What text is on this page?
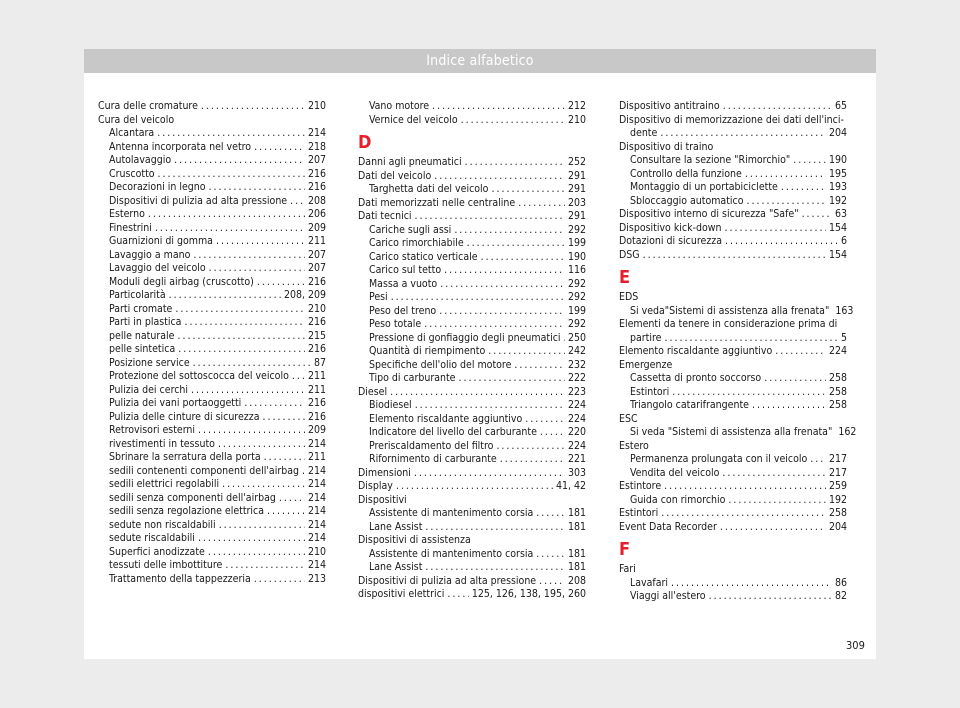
Indice alfabetico
Cura delle cromature .....	210
Cura del veicolo
Alcantara .....	214
Antenna incorporata nel vetro .....	218
Autolavaggio .....	207
Cruscotto .....	216
Decorazioni in legno .....	216
Dispositivi di pulizia ad alta pressione ..... 208
Esterno .....	206
Finestrini .....	209
Guarnizioni di gomma .....	211
Lavaggio a mano .....	207
Lavaggio del veicolo .....	207
Moduli degli airbag (cruscotto) .....	216
Particolarità .....	208, 209
Parti cromate .....	210
Parti in plastica .....	216
pelle naturale .....	215
pelle sintetica .....	216
Posizione service .....	87
Protezione del sottoscocca del veicolo ..... 211
Pulizia dei cerchi .....	211
Pulizia dei vani portaoggetti .....	216
Pulizia delle cinture di sicurezza .....	216
Retrovisori esterni .....	209
rivestimenti in tessuto .....	214
Sbrinare la serratura della porta .....	211
sedili contenenti componenti dell'airbag ..... 214
sedili elettrici regolabili .....	214
sedili senza componenti dell'airbag .....	214
sedili senza regolazione elettrica .....	214
sedute non riscaldabili .....	214
sedute riscaldabili .....	214
Superfici anodizzate .....	210
tessuti delle imbottiture .....	214
Trattamento della tappezzeria .....	213
Vano motore .....	212
Vernice del veicolo .....	210
D
Danni agli pneumatici .....	252
Dati del veicolo .....	291
Targhetta dati del veicolo .....	291
Dati memorizzati nelle centraline .....	203
Dati tecnici .....	291
Cariche sugli assi .....	292
Carico rimorchiabile .....	199
Carico statico verticale .....	190
Carico sul tetto .....	116
Massa a vuoto .....	292
Pesi .....	292
Peso del treno .....	199
Peso totale .....	292
Pressione di gonfiaggio degli pneumatici ..... 250
Quantità di riempimento .....	242
Specifiche dell'olio del motore .....	232
Tipo di carburante .....	222
Diesel .....	223
Biodiesel .....	224
Elemento riscaldante aggiuntivo .....	224
Indicatore del livello del carburante .....	220
Preriscaldamento del filtro .....	224
Rifornimento di carburante .....	221
Dimensioni .....	303
Display .....	41, 42
Dispositivi
Assistente di mantenimento corsia .....	181
Lane Assist .....	181
Dispositivi di assistenza
Assistente di mantenimento corsia .....	181
Lane Assist .....	181
Dispositivi di pulizia ad alta pressione .....	208
dispositivi elettrici .....	125, 126, 138, 195, 260
Dispositivo antitraino .....	65
Dispositivo di memorizzazione dei dati dell'inci-
dente .....	204
Dispositivo di traino
Consultare la sezione "Rimorchio" .....	190
Controllo della funzione .....	195
Montaggio di un portabiciclette .....	193
Sbloccaggio automatico .....	192
Dispositivo interno di sicurezza "Safe" .....	63
Dispositivo kick-down .....	154
Dotazioni di sicurezza .....	6
DSG .....	154
E
EDS
Si veda"Sistemi di assistenza alla frenata" 163
Elementi da tenere in considerazione prima di
partire .....	5
Elemento riscaldante aggiuntivo .....	224
Emergenze
Cassetta di pronto soccorso .....	258
Estintori .....	258
Triangolo catarifrangente .....	258
ESC
Si veda "Sistemi di assistenza alla frenata" 162
Estero
Permanenza prolungata con il veicolo ..... 217
Vendita del veicolo .....	217
Estintore .....	259
Guida con rimorchio .....	192
Estintori .....	258
Event Data Recorder .....	204
F
Fari
Lavafari .....	86
Viaggi all'estero .....	82
309
